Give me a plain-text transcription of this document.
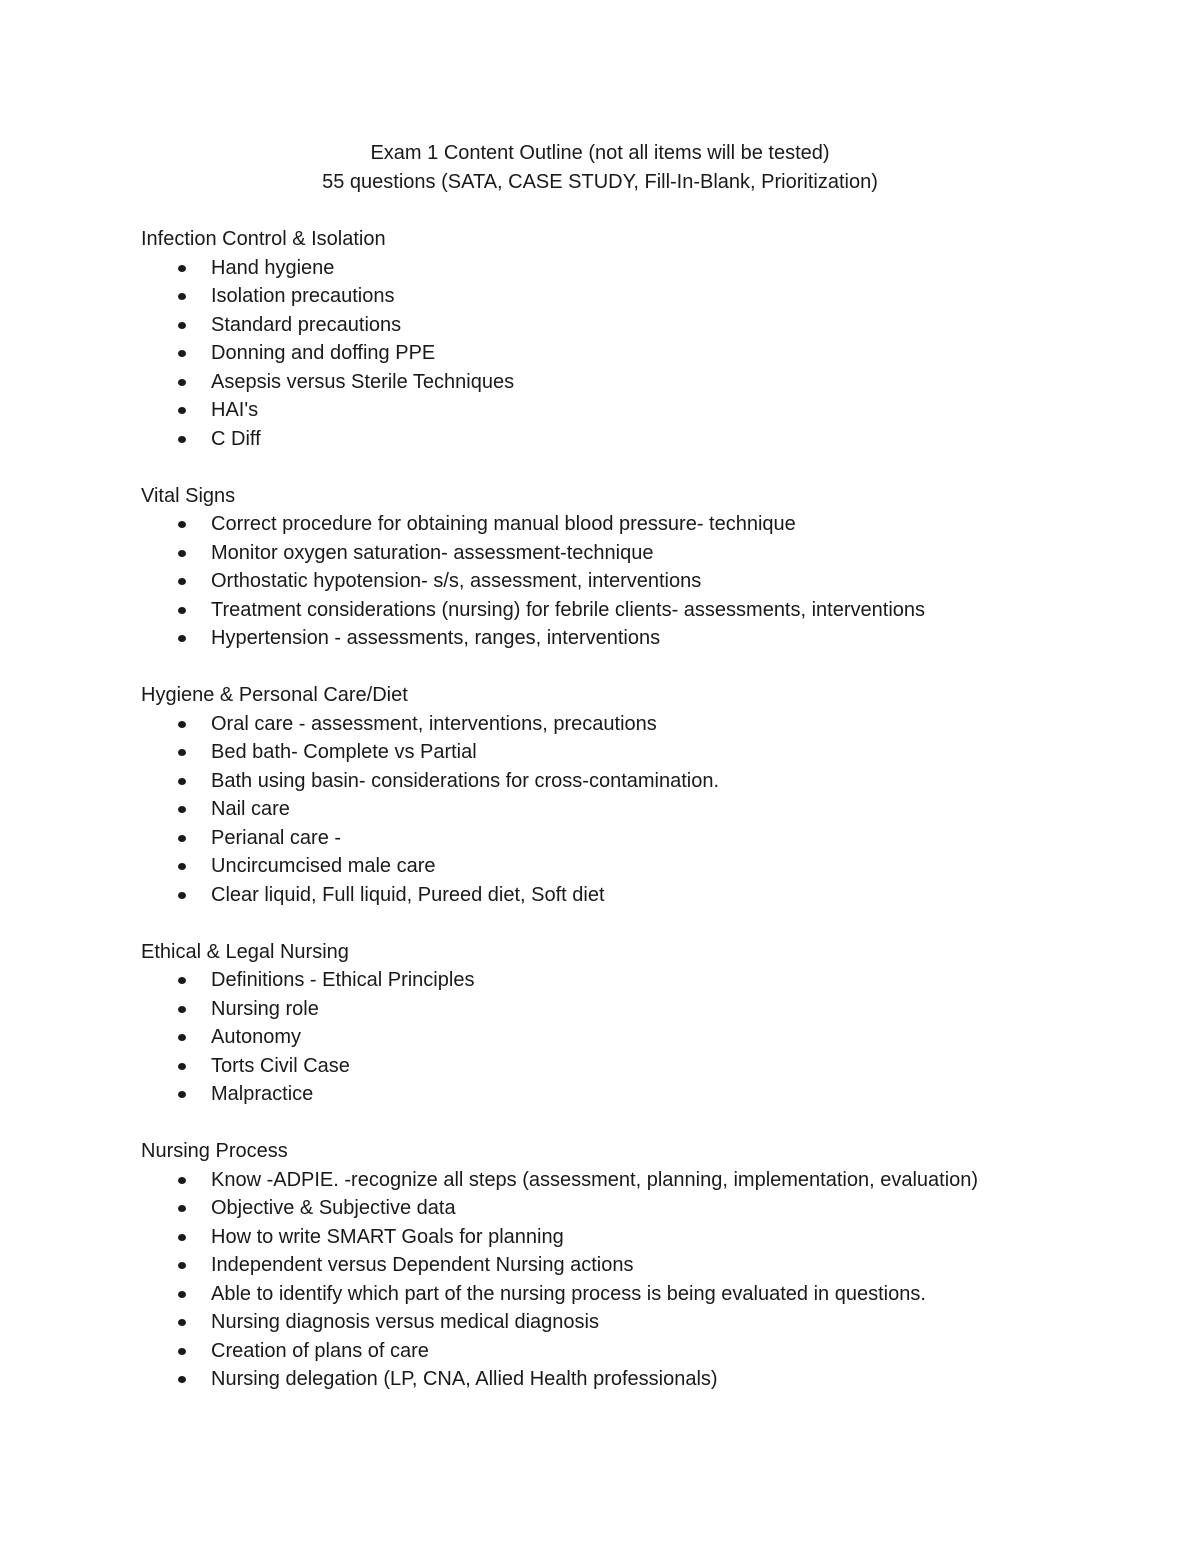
Exam 1 Content Outline (not all items will be tested)
55 questions (SATA, CASE STUDY, Fill-In-Blank, Prioritization)
Infection Control & Isolation
Hand hygiene
Isolation precautions
Standard precautions
Donning and doffing PPE
Asepsis versus Sterile Techniques
HAI's
C Diff
Vital Signs
Correct procedure for obtaining manual blood pressure- technique
Monitor oxygen saturation- assessment-technique
Orthostatic hypotension- s/s, assessment, interventions
Treatment considerations (nursing) for febrile clients- assessments, interventions
Hypertension - assessments, ranges, interventions
Hygiene & Personal Care/Diet
Oral care - assessment, interventions, precautions
Bed bath- Complete vs Partial
Bath using basin- considerations for cross-contamination.
Nail care
Perianal care -
Uncircumcised male care
Clear liquid, Full liquid, Pureed diet, Soft diet
Ethical & Legal Nursing
Definitions - Ethical Principles
Nursing role
Autonomy
Torts Civil Case
Malpractice
Nursing Process
Know -ADPIE. -recognize all steps (assessment, planning, implementation, evaluation)
Objective & Subjective data
How to write SMART Goals for planning
Independent versus Dependent Nursing actions
Able to identify which part of the nursing process is being evaluated in questions.
Nursing diagnosis versus medical diagnosis
Creation of plans of care
Nursing delegation (LP, CNA, Allied Health professionals)
